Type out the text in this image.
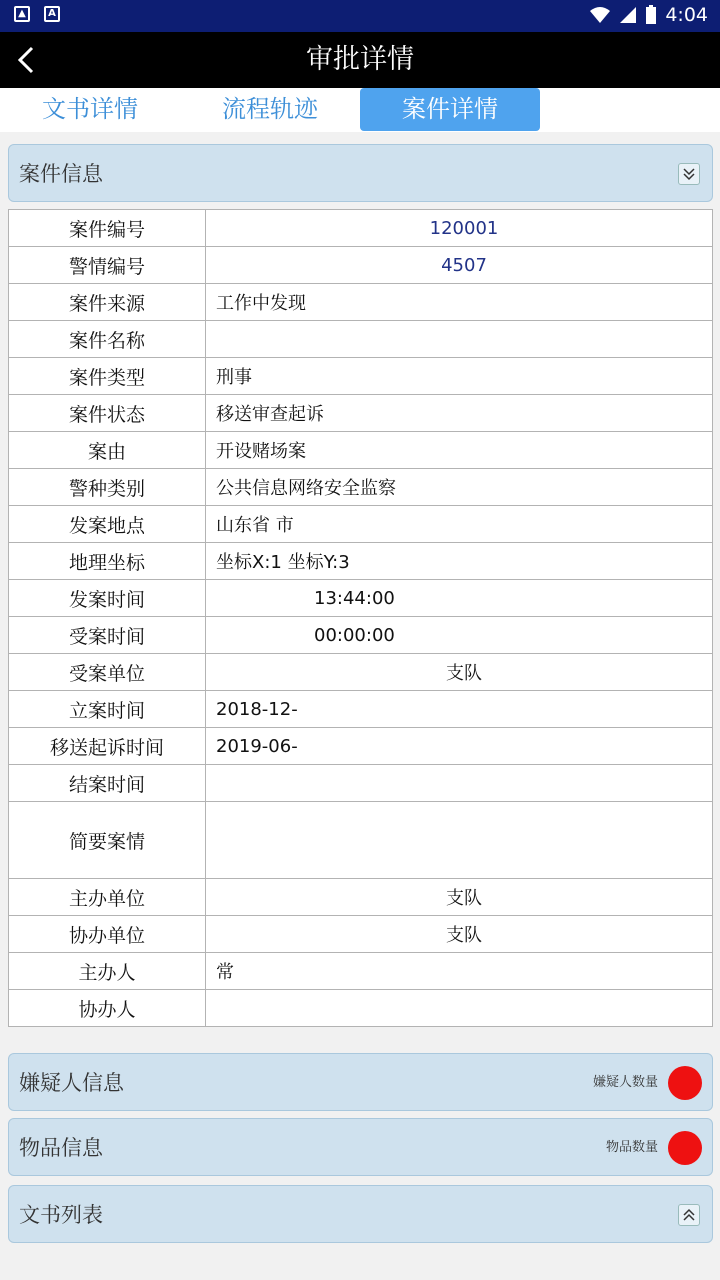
▲	A	4:04
审批详情
文书详情	流程轨迹	案件详情
案件信息
案件编号	120001
警情编号	4507
案件来源	工作中发现
案件名称	
案件类型	刑事
案件状态	移送审查起诉
案由	开设赌场案
警种类别	公共信息网络安全监察
发案地点	山东省 市
地理坐标	坐标X:1 坐标Y:3
发案时间	13:44:00
受案时间	00:00:00
受案单位	支队
立案时间	2018-12-
移送起诉时间	2019-06-
结案时间	
简要案情	
主办单位	支队
协办单位	支队
主办人	常
协办人	
嫌疑人信息	嫌疑人数量
物品信息	物品数量
文书列表
